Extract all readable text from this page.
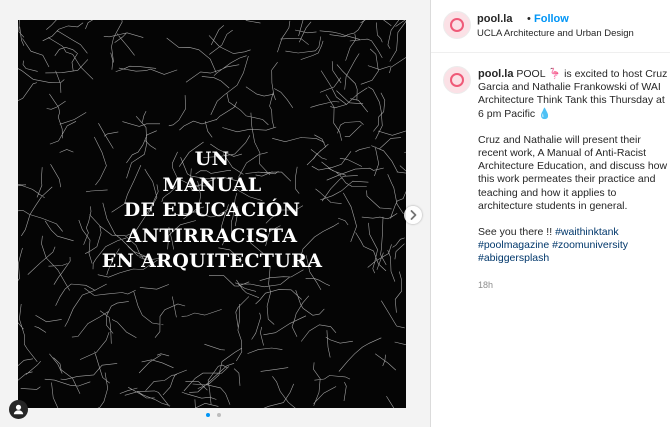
UN
MANUAL
DE EDUCACIÓN
ANTIRRACISTA
EN ARQUITECTURA

pool.la • Follow
UCLA Architecture and Urban Design

pool.la POOL 🦩 is excited to host Cruz Garcia and Nathalie Frankowski of WAI Architecture Think Tank this Thursday at 6 pm Pacific 💧

Cruz and Nathalie will present their recent work, A Manual of Anti-Racist Architecture Education, and discuss how this work permeates their practice and teaching and how it applies to architecture students in general.

See you there !! #waithinktank #poolmagazine #zoomuniversity #abiggersplash

18h
